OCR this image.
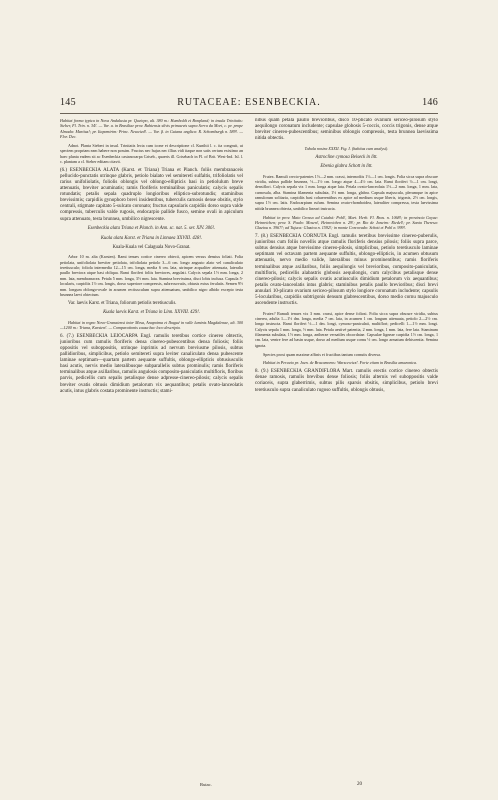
145	RUTACEAE: ESENBECKIA.	146

Habitat forma typica in Nova Andalusia pr. Quetepo, alt. 380 m.: Humboldt et Bonpland; in insula Trinitatis: Sieber, Fl. Trin. n. 34!. — Var. a. in Brasiliae prov. Bahiensis silvis primaevis supra Serra da Mori, c. pr. prope Almada: Martius!; pr. Itapemirim: Princ. Neuwied!. — Var. β. in Guiana anglica: R. Schomburgk n. 589!. — Flor. Dec.

Adnot. Planta Sieberi in insul. Trinitatis lecta cum icone et descriptione cl. Kunthii l. c. ita congruit, ut speciem propriam eam habere non possim. Fructus nec hujus nec illius vidi itaque non satis certam existimo an haec planta eadem sit ac Esenbeckia castanocarpa Griseb., quaeris ill. Grisebach in Fl. of Brit. West-Ind. Isl. l. c. plantam a cl. Sieber editam citavit.

(6.) ESENBECKIA ALATA (Karst. et Triana) Triana et Planch. foliis membranaceis pellucido-punctatis utrinque glabris, petiolo bialato vel semiteretí sulfaltis, trifoliolatis vel rarius unifoliolatis, foliolis oblongis vel oblongo-ellipticis basi in petiolulum breve attenuatis, breviter acuminatis; ramis floriferis terminalibus paniculatis; calycis sepalis rotundatis; petalis sepala quadruplo longioribus elliptico-subrotundis; staminibus brevissimis; carpidiis gynophoro brevi insidentibus, tuberculis carnosis dense obsitis, stylo centrali, stigmate capitato 5-sulcato coronato; fructus capsularis carpidiis dorso supra valde compressis, tuberculis valde rugosis, endocarpio pallide fusco, semine ovali in apiculum supra attenuato, testa brunnea, umbilico nigrescente.

Esenbeckia alata Triana et Planch. in Ann. sc. nat. 5. ser. XIV. 306!.

Kuala alata Karst. et Triana in Linnaea XXVIII. 428!.

Kuala-Kuala vel Calaguala Novo-Granat.

Arbor 10 m. alta (Karsten). Rami tenues cortice cinereo obtecti, apicem versus densius foliati. Folia petiolata, unifoliolata breviter petiolata, trifoliolata petiolo 3—6 cm. longo angusto alato vel canaliculato teretiusculo; foliola intermedia 12—15 cm. longa, media 6 cm. lata, utrinque acqualiter attenuata, lateralia paullo breviora atque basi obliqua. Rami floriferi foliis breviores, angulati. Calycis sepala 1½ mm. longa, 2 mm. lata, membranacea. Petala 5 mm. longa, 3½ mm. lata. Stamina brevissima, disci lobis inclusa. Capsula 5-locularis, carpidiis 1½ cm. longis, dorso superiore compressis, subrecurvatis, obtusis extus ferulatis. Semen 9½ mm. longum oblongo-ovale in acumen rectiusculum supra attenuatum, umbilico nigro albido excepto testa brunnea laevi obtectum.

Var. laevis Karst. et Triana, foliorum petiolis teretiusculis.

Kuala laevis Karst. et Triana in Linn. XXVIII. 429!.

Habitat in regno Novo-Granatensi inter Mesa, Anapoima et Ibagué in valle luminis Magdalenae, alt. 300—1200 m.: Triana, Karsten!. — Comparationis causa hac loco descripta.

6. (7.) ESENBECKIA LEIOCARPA Engl. ramulis teretibus cortice cinereo obtectis, junioribus cum ramulis floriferis densa cinereo-pubescentibus densa foliosis; foliis oppositis vel suboppositis, utrinque inprimis ad nervum breviusme pilosis, subtus pallidioribus, simplicibus, petiolo semiteretí supra leviter canaliculato densa pubescente laminae septimam—quartam partem aequante suffultis, oblongo-ellipticis obtusiusculis basi acutis, nervis medio lateralibusque subparallelis subtus prominulis; ramis floriferis terminalibus atque axillaribus, ramulis angulosis composito-paniculatis multifloris, floribus parvis, pedicellis cum sepalis petalisque dense adpresse-cinereo-pilosis; calycis sepalis breviter ovatis obtusis dimidium petalorum vix aequantibus; petalis ovato-lanceolatis acutis, intus glabris costata prominente instructis; stami-

nibus quam petala paullo brevioribus, disco 10-plicato ovarium sericeo-pilosum stylo aequilongo coronatum includente; capsulae globosis 5-coccis, coccis trigonis, dense atque breviter cinereo-pubescentibus; seminibus oblongis compressis, testa brunnea laevissima nitida obtectis.

Tabula nostra XXXII. Fig. I. (habitus cum analysi).

Astrocline cymosa Beiseck in litt.

Ebenia glabra Schott in litt.

Frutex. Ramuli crecto-patentes 1½—2 mm. crassi, internodiis 1⅓—1 cm. longis. Folia sicca supra obscure viridia, subtus pallide brunnea, ½—1½ cm. longo atque 4—4½ cm. lata. Rami floriferi ½—1 cm. longi, densiflori. Calycis sepala vix 1 mm. longa atque lata. Petala ovato-lanceolata 1½—2 mm. longa, 1 mm. lata, carnosula, alba. Stamina filamenta subulata, 1½ mm. longa, glabra. Capsula majuscula, plerumque in apice ramulorum solitaria, carpidiis basi cohaerentibus ex apice ad medium usque liberis, trigonis, 2½ cm. longis, supra 1½ cm. latis. Endocarpium rufum. Semina ovato-rhomboidea, lateraliter compressa, testa laevissima nitida brunnea obtecta, umbilico lineari instructa.

Habitat in prov. Mato Grosso ad Cuiabá: Pohl!, Mart. Herb. Fl. Bras. n. 1068!; in provincia Goyaz: Heinreichen; prov. S. Paulo: Mosen!, Heinreichen n. 29!; pr. Rio de Janeiro: Riedel!; pr. Santa Theresa: Glaziou n. 3967!; ad Tujuca: Glaziou n. 1592!; in monte Corcovado: Schott et Pohl n. 999!.

7. (8.) ESENBECKIA CORNUTA Engl. ramulis teretibus brevissime cinereo-puberulis, junioribus cum foliis novellis atque ramulis floriferis densius pilosis; foliis supra parce, subtus densius atque brevissime cinereo-pilosis, simplicibus, petiolo teretiusculo laminae septimam vel octavam partem aequante suffultis, oblongo-ellipticis, in acumen obtusum attenuatis, nervo medio valide, lateralibus minus prominentibus; ramis floriferis terminalibus atque axillaribus, foliis aequilongis vel brevioribus, composito-paniculatis, multifloris, pedicellis alabastris globosis aequilongis, cum calycibus petalisque dense cinereo-pilosis; calycis sepalis ovatis acutiusculis dimidium petalorum vix aequantibus; petalis ovato-lanceolatis intus glabris; staminibus petalis paullo brevioribus; disci brevi annulari 10-plicato ovarium sericeo-pilosum stylo longiore coronatum includente; capsulis 5-locularibus, carpidiis subtrigonis densum glabrescentibus, dorso medio cornu majusculo ascendente instructis.

Frutex? Ramuli tenues vix 3 mm. crassi, apice dense foliosi. Folia sicca supra obscure viridia, subtus cinerea, adulta 1—1½ dm. longa, media 7 cm. lata, in acumen 1 cm. longum attenuata, petiolo 2—2½ cm. longo instructa. Rami floriferi ½—1 dm. longi, cymoso-paniculati, multiflori; pedicelli 1—1½ mm. longi. Calycis sepala 1 mm. longa, ½ mm. lata. Petala aestivé patentia, 2 mm. longa, 1 mm. lata, fere lata. Staminum filamenta subulata, 1½ mm. longa, antherae versatiles obcordatae. Capsulae ligneae carpidia 1½ cm. longa, 1 cm. lata, ventre fere ad basin usque, dorso ad medium usque cornu ½ cm. longo armatum dehiscentia. Semina ignota.

Species proxi quam maxime affinis et fructibus tantum cornutis diversa.

Habitat in Peruvia pr. Jaen. de Bracamoros: Warscewicz!. Forte etiam in Brasilia amazonica.

8. (9.) ESENBECKIA GRANDIFLORA Mart. ramulis erectis cortice cinereo obtectis denae ramosis, ramulis brevibus dense foliosis; foliis alternis vel suboppositis valde coriaceis, supra glaberrimis, subtus pilis sparsis obsitis, simplicibus, petiolo brevi teretiusculo supra canaliculato rugoso suffultis, oblongis obtusis,

Rutac.	20
